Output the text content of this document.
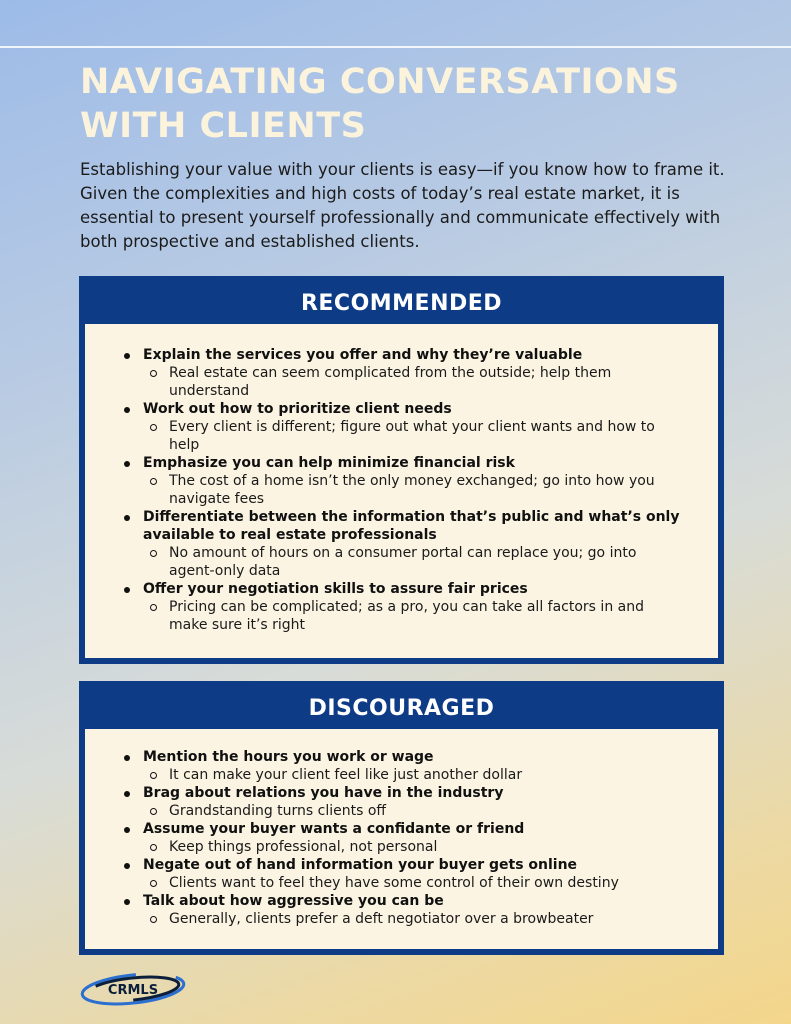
NAVIGATING CONVERSATIONS WITH CLIENTS

Establishing your value with your clients is easy—if you know how to frame it. Given the complexities and high costs of today’s real estate market, it is essential to present yourself professionally and communicate effectively with both prospective and established clients.

RECOMMENDED
Explain the services you offer and why they’re valuable
Real estate can seem complicated from the outside; help them understand
Work out how to prioritize client needs
Every client is different; figure out what your client wants and how to help
Emphasize you can help minimize financial risk
The cost of a home isn’t the only money exchanged; go into how you navigate fees
Differentiate between the information that’s public and what’s only available to real estate professionals
No amount of hours on a consumer portal can replace you; go into agent-only data
Offer your negotiation skills to assure fair prices
Pricing can be complicated; as a pro, you can take all factors in and make sure it’s right
DISCOURAGED
Mention the hours you work or wage
It can make your client feel like just another dollar
Brag about relations you have in the industry
Grandstanding turns clients off
Assume your buyer wants a confidante or friend
Keep things professional, not personal
Negate out of hand information your buyer gets online
Clients want to feel they have some control of their own destiny
Talk about how aggressive you can be
Generally, clients prefer a deft negotiator over a browbeater
CRMLS
